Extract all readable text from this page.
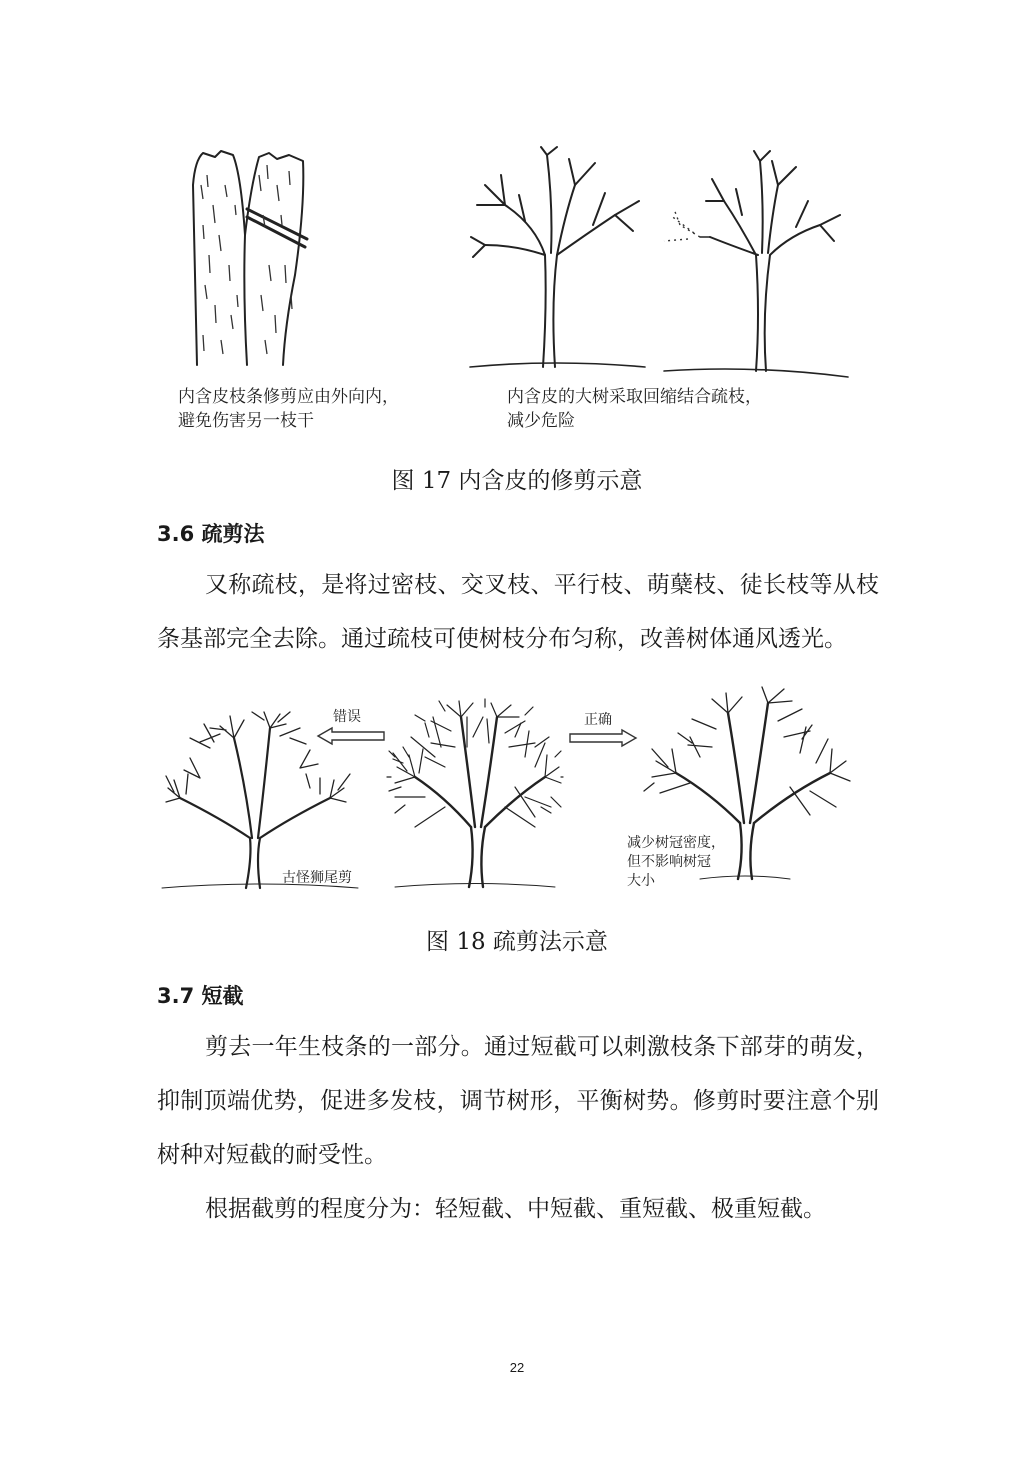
内含皮枝条修剪应由外向内，
避免伤害另一枝干
内含皮的大树采取回缩结合疏枝，
减少危险
图 17 内含皮的修剪示意
3.6 疏剪法
又称疏枝，是将过密枝、交叉枝、平行枝、萌蘖枝、徒长枝等从枝条基部完全去除。通过疏枝可使树枝分布匀称，改善树体通风透光。
古怪狮尾剪
错误	正确
减少树冠密度，
但不影响树冠
大小
图 18 疏剪法示意
3.7 短截
剪去一年生枝条的一部分。通过短截可以刺激枝条下部芽的萌发，抑制顶端优势，促进多发枝，调节树形，平衡树势。修剪时要注意个别树种对短截的耐受性。
根据截剪的程度分为：轻短截、中短截、重短截、极重短截。
22
